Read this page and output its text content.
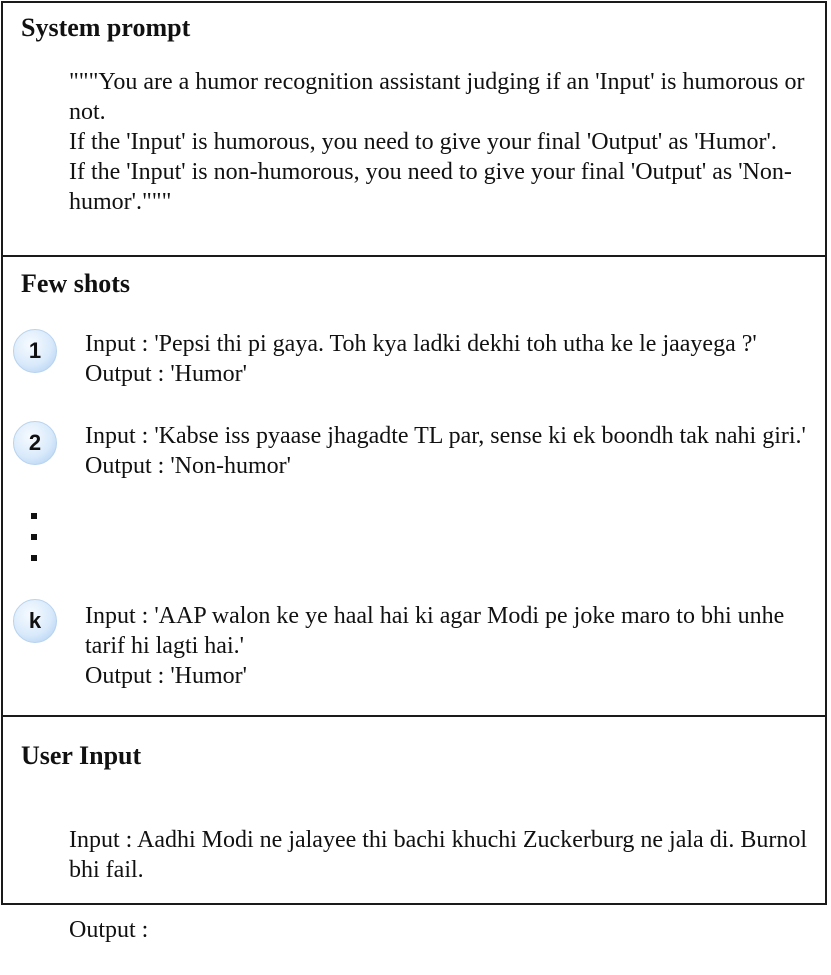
System prompt
"""You are a humor recognition assistant judging if an 'Input' is humorous or not.
If the 'Input' is humorous, you need to give your final 'Output' as 'Humor'.
If the 'Input' is non-humorous, you need to give your final 'Output' as 'Non-humor'."""
Few shots
1	Input : 'Pepsi thi pi gaya. Toh kya ladki dekhi toh utha ke le jaayega ?'
Output : 'Humor'
2	Input : 'Kabse iss pyaase jhagadte TL par, sense ki ek boondh tak nahi giri.'
Output : 'Non-humor'
k	Input : 'AAP walon ke ye haal hai ki agar Modi pe joke maro to bhi unhe tarif hi lagti hai.'
Output : 'Humor'
User Input

Input : Aadhi Modi ne jalayee thi bachi khuchi Zuckerburg ne jala di. Burnol bhi fail.

Output :
